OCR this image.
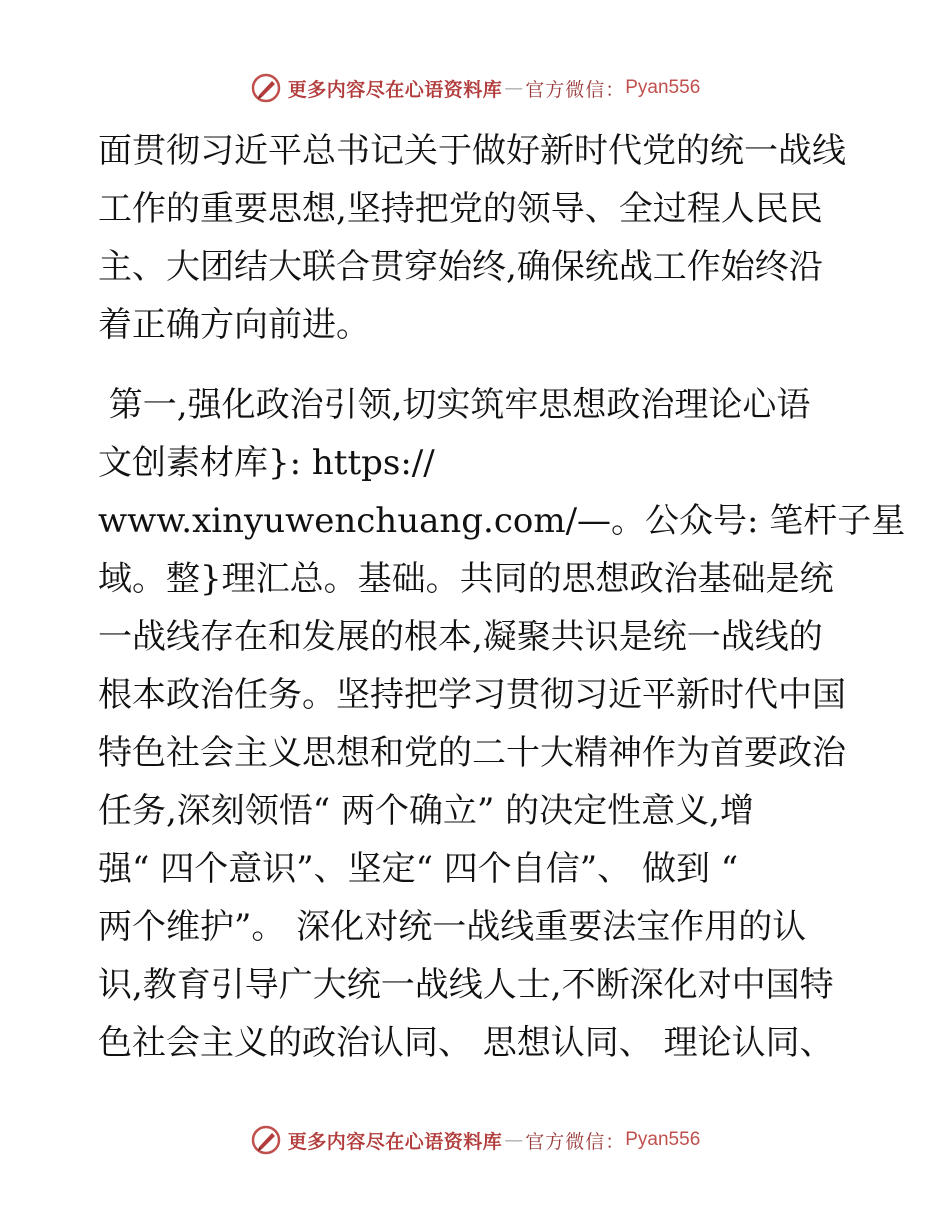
更多内容尽在心语资料库 — 官方微信： Pyan556
面贯彻习近平总书记关于做好新时代党的统一战线
工作的重要思想,坚持把党的领导、全过程人民民
主、大团结大联合贯穿始终,确保统战工作始终沿
着正确方向前进。
第一,强化政治引领,切实筑牢思想政治理论心语
文创素材库}: https://
www.xinyuwenchuang.com/—。公众号: 笔杆子星
域。整}理汇总。基础。共同的思想政治基础是统
一战线存在和发展的根本,凝聚共识是统一战线的
根本政治任务。坚持把学习贯彻习近平新时代中国
特色社会主义思想和党的二十大精神作为首要政治
任务,深刻领悟“ 两个确立” 的决定性意义,增
强“ 四个意识”、坚定“ 四个自信”、 做到 “
两个维护”。 深化对统一战线重要法宝作用的认
识,教育引导广大统一战线人士,不断深化对中国特
色社会主义的政治认同、 思想认同、 理论认同、
更多内容尽在心语资料库 — 官方微信： Pyan556
